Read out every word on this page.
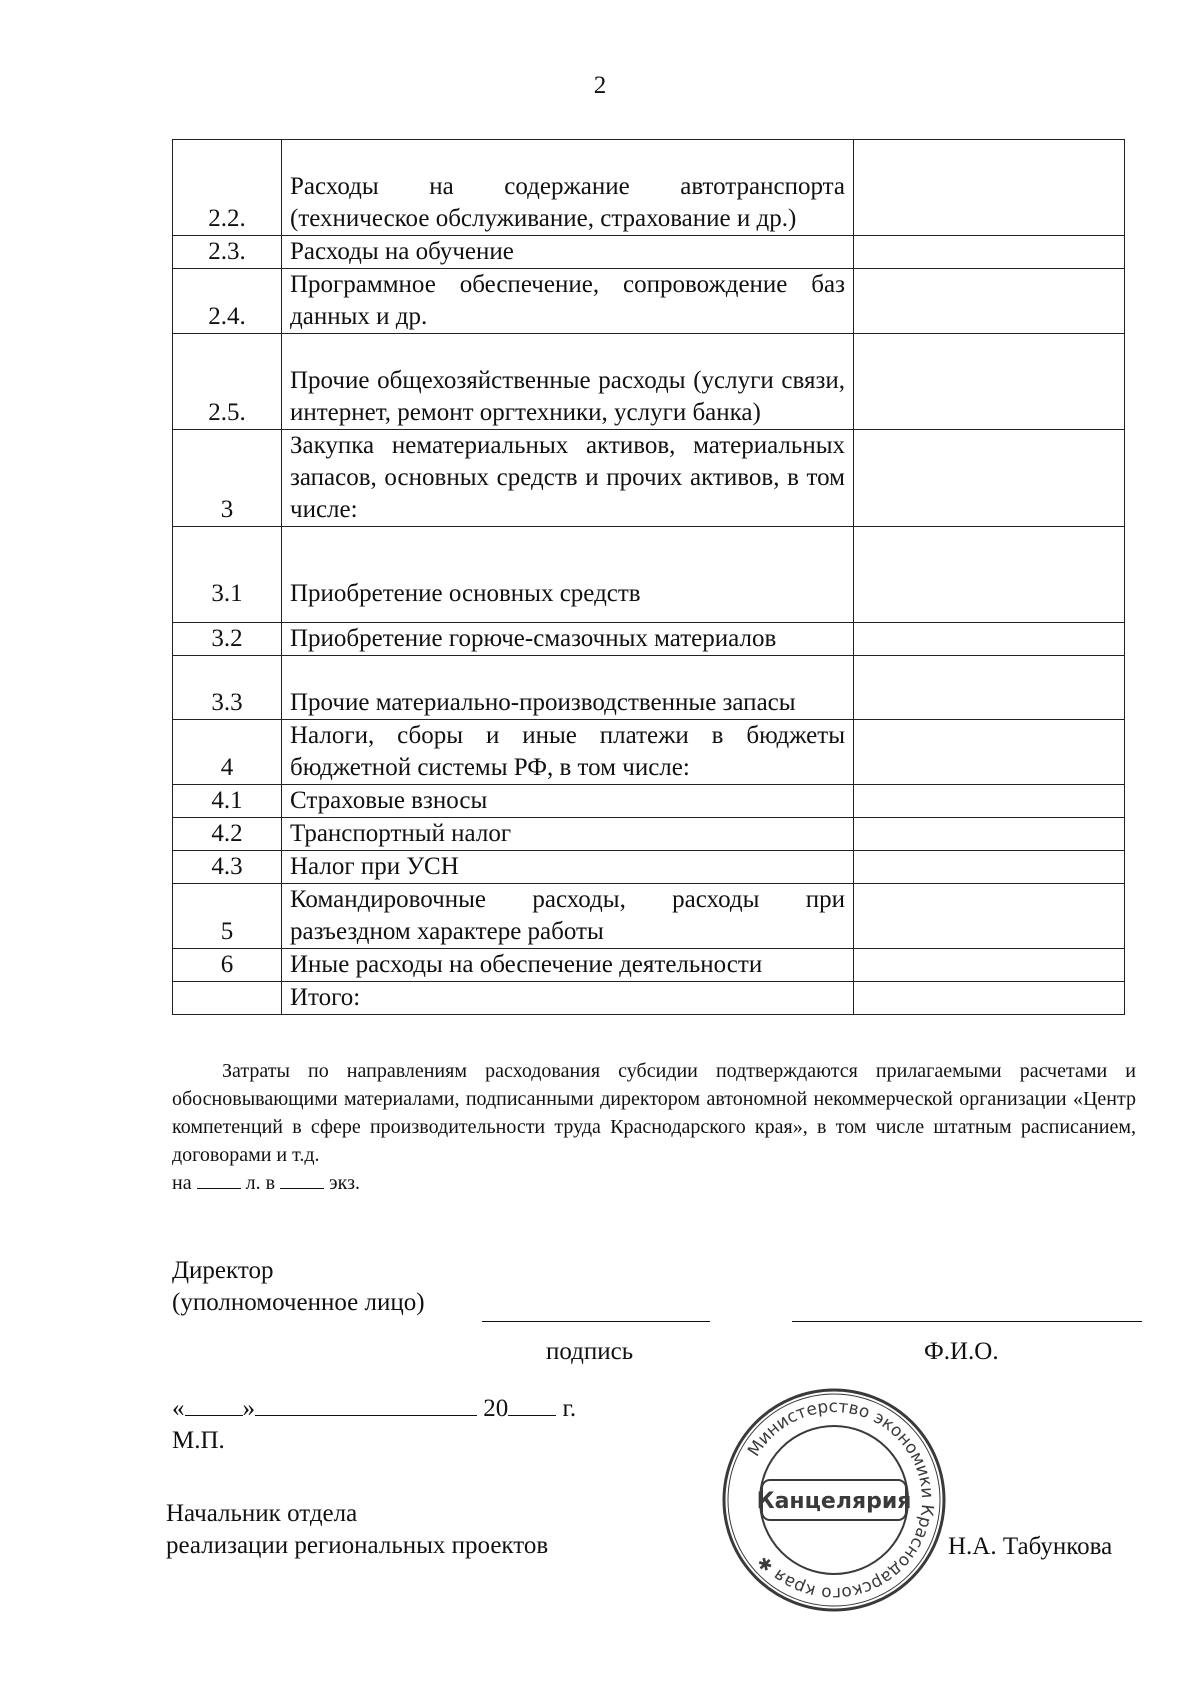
2
2.2.	Расходы на содержание автотранспорта (техническое обслуживание, страхование и др.)	
2.3.	Расходы на обучение	
2.4.	Программное обеспечение, сопровождение баз данных и др.	
2.5.	Прочие общехозяйственные расходы (услуги связи, интернет, ремонт оргтехники, услуги банка)	
3	Закупка нематериальных активов, материальных запасов, основных средств и прочих активов, в том числе:	
3.1	Приобретение основных средств	
3.2	Приобретение горюче-смазочных материалов	
3.3	Прочие материально-производственные запасы	
4	Налоги, сборы и иные платежи в бюджеты бюджетной системы РФ, в том числе:	
4.1	Страховые взносы	
4.2	Транспортный налог	
4.3	Налог при УСН	
5	Командировочные расходы, расходы при разъездном характере работы	
6	Иные расходы на обеспечение деятельности	
	Итого:	
Затраты по направлениям расходования субсидии подтверждаются прилагаемыми расчетами и обосновывающими материалами, подписанными директором автономной некоммерческой организации «Центр компетенций в сфере производительности труда Краснодарского края», в том числе штатным расписанием, договорами и т.д.
на	л. в	экз.
Директор
(уполномоченное лицо)
подпись	Ф.И.О.
« »	20 г.
М.П.
Начальник отдела
реализации региональных проектов	Н.А. Табункова
Министерство экономики Краснодарского края ✱
Канцелярия
